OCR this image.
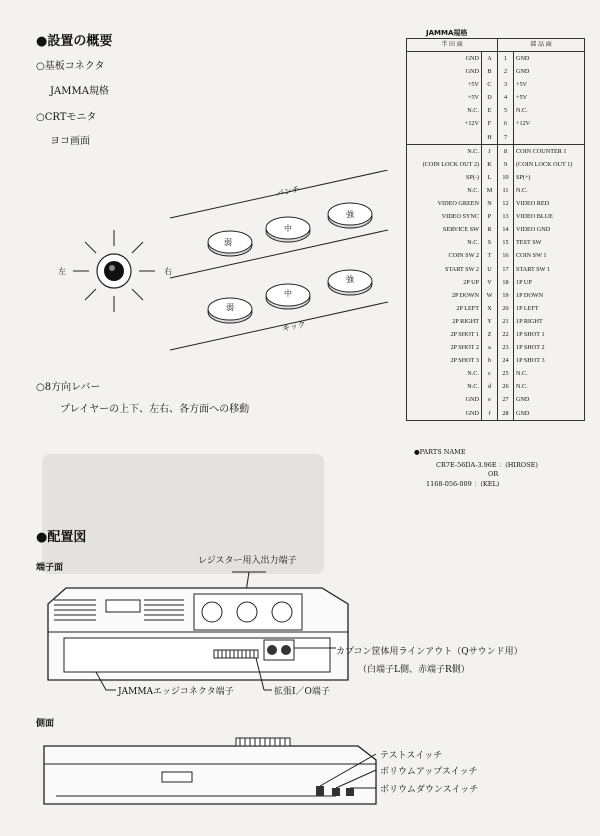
●設置の概要
○基板コネクタ
JAMMA規格
○CRTモニタ
ヨコ画面
パンチ
キック
左	右
弱
中
強
弱
中
強
○8方向レバー
プレイヤーの上下、左右、各方面への移動
JAMMA規格
半 田 面		部 品 面	
GND	A	1	GND
GND	B	2	GND
+5V	C	3	+5V
+5V	D	4	+5V
N.C.	E	5	N.C.
+12V	F	6	+12V
	H	7	
N.C.	J	8	COIN COUNTER 1
(COIN LOCK OUT 2)	K	9	(COIN LOCK OUT 1)
SP(-)	L	10	SP(+)
N.C.	M	11	N.C.
VIDEO GREEN	N	12	VIDEO RED
VIDEO SYNC	P	13	VIDEO BLUE
SERVICE SW	R	14	VIDEO GND
N.C.	S	15	TEST SW
COIN SW 2	T	16	COIN SW 1
START SW 2	U	17	START SW 1
2P UP	V	18	1P UP
2P DOWN	W	19	1P DOWN
2P LEFT	X	20	1P LEFT
2P RIGHT	Y	21	1P RIGHT
2P SHOT 1	Z	22	1P SHOT 1
2P SHOT 2	a	23	1P SHOT 2
2P SHOT 3	b	24	1P SHOT 3
N.C.	c	25	N.C.
N.C.	d	26	N.C.
GND	e	27	GND
GND	f	28	GND
●PARTS NAME
CR7E-56DA-3.96E ：(HIROSE)
OR
1168-056-009 ：(KEL)
●配置図
端子面
レジスター用入出力端子
カプコン筐体用ラインアウト（Qサウンド用）
（白端子L側、赤端子R側）
JAMMAエッジコネクタ端子	拡張I／O端子
側面
テストスイッチ
ボリウムアップスイッチ
ボリウムダウンスイッチ
